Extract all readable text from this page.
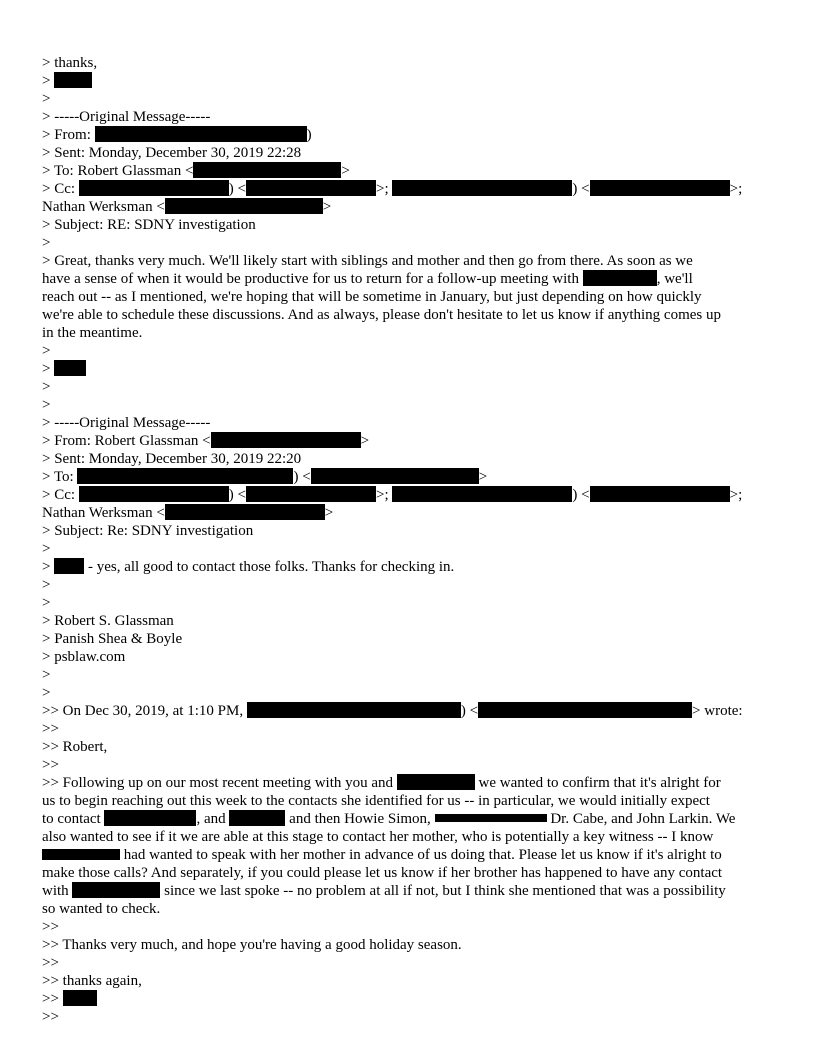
> thanks,
>
>
> -----Original Message-----
> From:	)
> Sent: Monday, December 30, 2019 22:28
> To: Robert Glassman <	>
> Cc:	) <	>;	) <	>;
Nathan Werksman <	>
> Subject: RE: SDNY investigation
>
> Great, thanks very much. We'll likely start with siblings and mother and then go from there. As soon as we
have a sense of when it would be productive for us to return for a follow-up meeting with	, we'll
reach out -- as I mentioned, we're hoping that will be sometime in January, but just depending on how quickly
we're able to schedule these discussions. And as always, please don't hesitate to let us know if anything comes up
in the meantime.
>
>
>
>
> -----Original Message-----
> From: Robert Glassman <	>
> Sent: Monday, December 30, 2019 22:20
> To:	) <	>
> Cc:	) <	>;	) <	>;
Nathan Werksman <	>
> Subject: Re: SDNY investigation
>
>  - yes, all good to contact those folks. Thanks for checking in.
>
>
> Robert S. Glassman
> Panish Shea & Boyle
> psblaw.com
>
>
>> On Dec 30, 2019, at 1:10 PM,	) <	> wrote:
>>
>> Robert,
>>
>> Following up on our most recent meeting with you and	we wanted to confirm that it's alright for
us to begin reaching out this week to the contacts she identified for us -- in particular, we would initially expect
to contact	, and	and then Howie Simon,	Dr. Cabe, and John Larkin. We
also wanted to see if it we are able at this stage to contact her mother, who is potentially a key witness -- I know
had wanted to speak with her mother in advance of us doing that. Please let us know if it's alright to
make those calls? And separately, if you could please let us know if her brother has happened to have any contact
with	since we last spoke -- no problem at all if not, but I think she mentioned that was a possibility
so wanted to check.
>>
>> Thanks very much, and hope you're having a good holiday season.
>>
>> thanks again,
>>
>>
